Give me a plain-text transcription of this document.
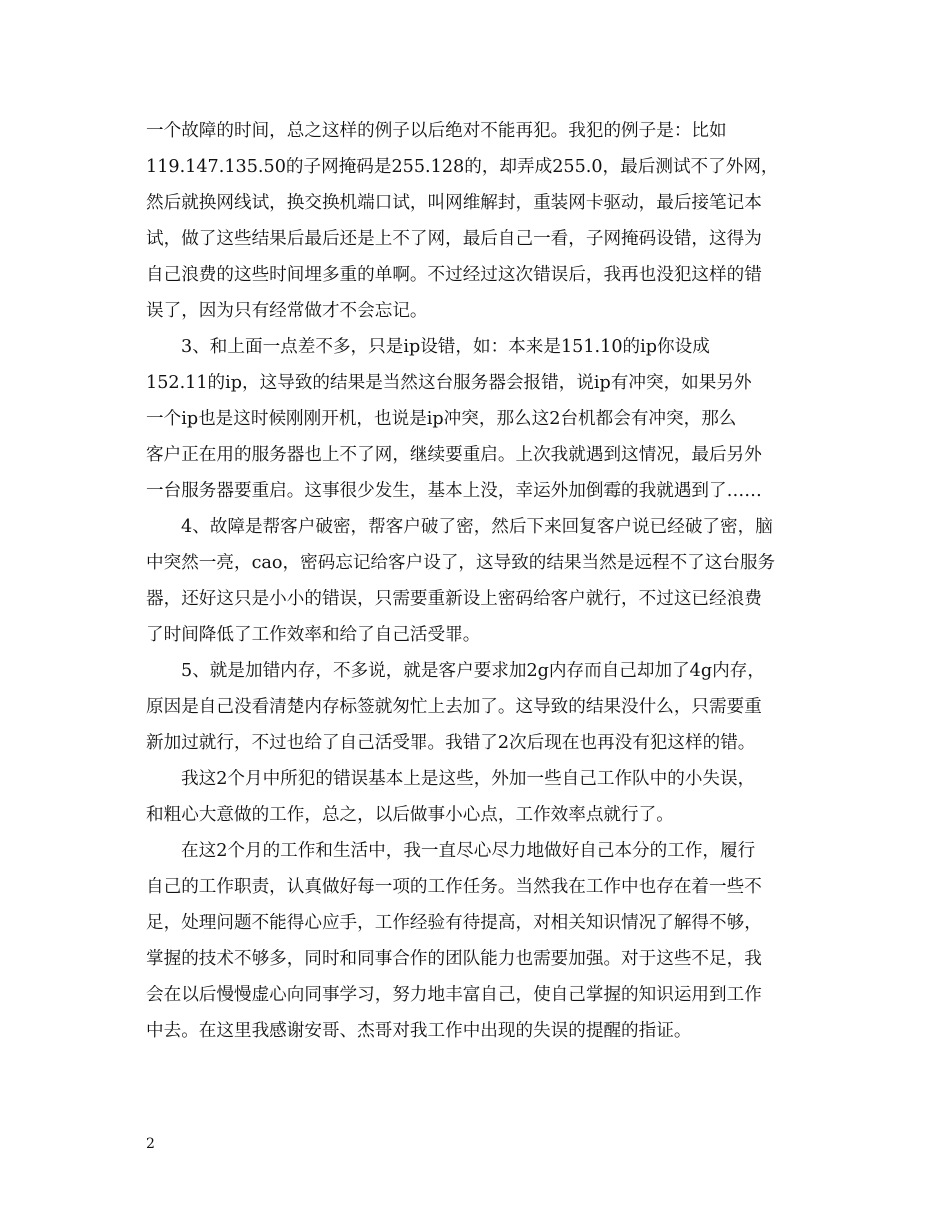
一个故障的时间，总之这样的例子以后绝对不能再犯。我犯的例子是：比如
119.147.135.50的子网掩码是255.128的，却弄成255.0，最后测试不了外网，
然后就换网线试，换交换机端口试，叫网维解封，重装网卡驱动，最后接笔记本
试，做了这些结果后最后还是上不了网，最后自己一看，子网掩码设错，这得为
自己浪费的这些时间埋多重的单啊。不过经过这次错误后，我再也没犯这样的错
误了，因为只有经常做才不会忘记。
3、和上面一点差不多，只是ip设错，如：本来是151.10的ip你设成
152.11的ip，这导致的结果是当然这台服务器会报错，说ip有冲突，如果另外
一个ip也是这时候刚刚开机，也说是ip冲突，那么这2台机都会有冲突，那么
客户正在用的服务器也上不了网，继续要重启。上次我就遇到这情况，最后另外
一台服务器要重启。这事很少发生，基本上没，幸运外加倒霉的我就遇到了……
4、故障是帮客户破密，帮客户破了密，然后下来回复客户说已经破了密，脑
中突然一亮，cao，密码忘记给客户设了，这导致的结果当然是远程不了这台服务
器，还好这只是小小的错误，只需要重新设上密码给客户就行，不过这已经浪费
了时间降低了工作效率和给了自己活受罪。
5、就是加错内存，不多说，就是客户要求加2g内存而自己却加了4g内存，
原因是自己没看清楚内存标签就匆忙上去加了。这导致的结果没什么，只需要重
新加过就行，不过也给了自己活受罪。我错了2次后现在也再没有犯这样的错。
我这2个月中所犯的错误基本上是这些，外加一些自己工作队中的小失误，
和粗心大意做的工作，总之，以后做事小心点，工作效率点就行了。
在这2个月的工作和生活中，我一直尽心尽力地做好自己本分的工作，履行
自己的工作职责，认真做好每一项的工作任务。当然我在工作中也存在着一些不
足，处理问题不能得心应手，工作经验有待提高，对相关知识情况了解得不够，
掌握的技术不够多，同时和同事合作的团队能力也需要加强。对于这些不足，我
会在以后慢慢虚心向同事学习，努力地丰富自己，使自己掌握的知识运用到工作
中去。在这里我感谢安哥、杰哥对我工作中出现的失误的提醒的指证。
2
